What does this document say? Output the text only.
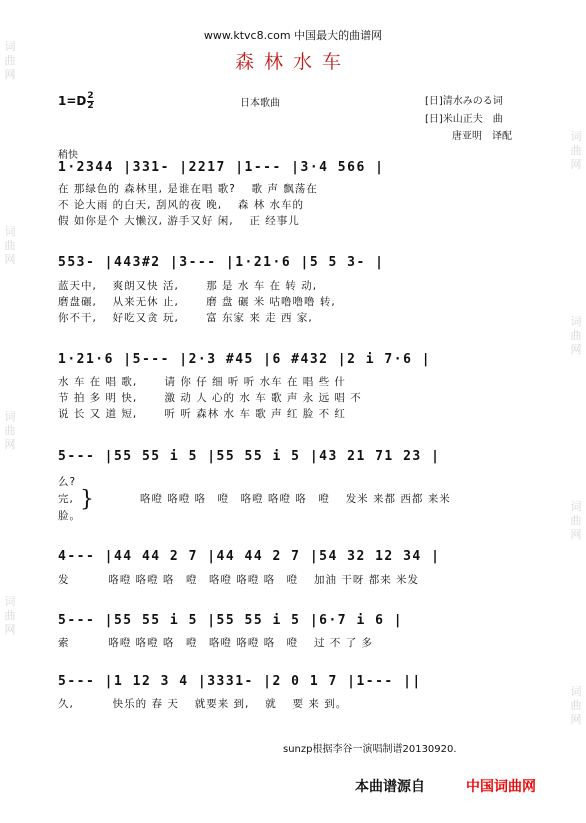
词曲网
词曲网
词曲网
词曲网
词曲网
词曲网
词曲网
词曲网
www.ktvc8.com 中国最大的曲谱网
森林水车
$1=D \frac{2}{2}$	日本歌曲	[日]清水みのる词
[日]米山正夫　曲
唐亚明　译配
稍快
1·2344 |331- |2217 |1--- |3·4 566 |
在 那绿色的 森林里, 是谁在唱 歌?　 歌 声 飘荡在
不 论大雨 的白天, 刮风的夜 晚,　 森 林 水车的
假 如你是个 大懒汉, 游手又好 闲,　 正 经事儿
553- |443#2 |3--- |1·21·6 |5 5 3- |
蓝天中,　 爽朗又快 活,　　 那 是 水 车 在 转 动,
磨盘碾,　 从来无休 止,　　 磨 盘 碾 米 咕噜噜噜 转,
你不干,　 好吃又贪 玩,　　 富 东家 来 走 西 家,
1·21·6 |5--- |2·3 #45 |6 #432 |2 i 7·6 |
水 车 在 唱 歌,　　 请 你 仔 细 听 听 水车 在 唱 些 什
节 拍 多 明 快,　　 激 动 人 心的 水 车 歌 声 永 远 唱 不
说 长 又 道 短,　　 听 听 森林 水 车 歌 声 红 脸 不 红
5--- |55 55 i 5 |55 55 i 5 |43 21 71 23 |
么?
完,
脸。
}	咯噔 咯噔 咯　噔　咯噔 咯噔 咯　噔　 发米 来都 西都 来米
4--- |44 44 2 7 |44 44 2 7 |54 32 12 34 |
发　　　 咯噔 咯噔 咯　噔　咯噔 咯噔 咯　噔　 加油 干呀 都来 米发
5--- |55 55 i 5 |55 55 i 5 |6·7 i 6 |
索　　　 咯噔 咯噔 咯　噔　咯噔 咯噔 咯　噔　 过 不 了 多
5--- |1 12 3 4 |3331- |2 0 1 7 |1--- ||
久,　　　 快乐的 春 天 　就要来 到,　 就　 要 来 到。
sunzp根据李谷一演唱制谱20130920.
本曲谱源自	中国词曲网
